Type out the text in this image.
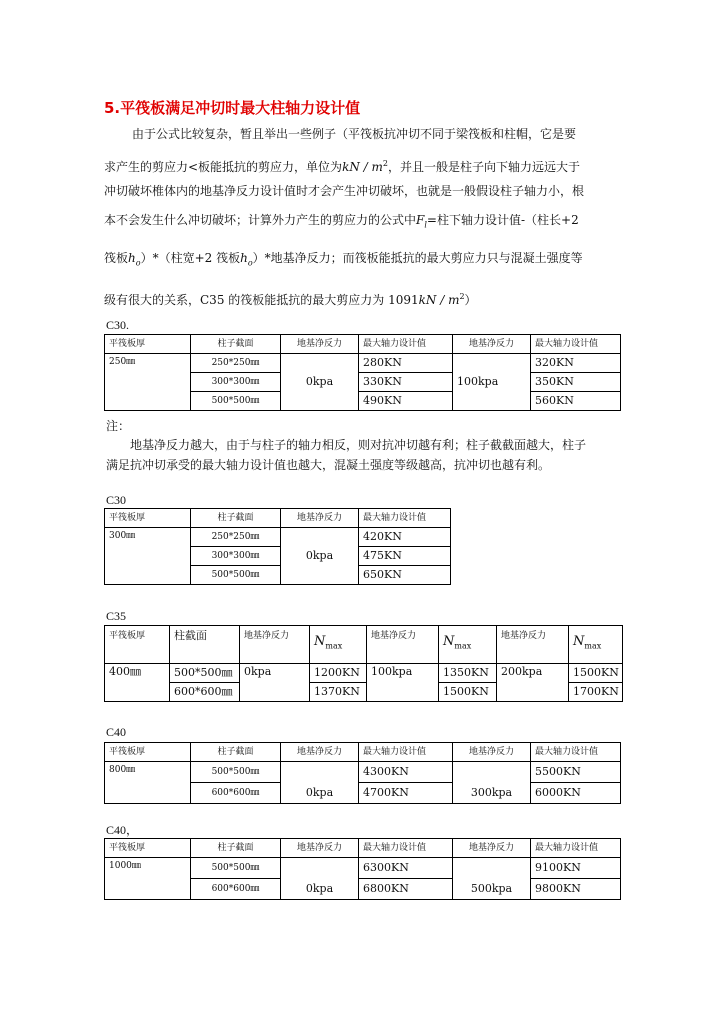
5.平筏板满足冲切时最大柱轴力设计值
由于公式比较复杂，暂且举出一些例子（平筏板抗冲切不同于梁筏板和柱帽，它是要
求产生的剪应力<板能抵抗的剪应力，单位为kN / $m^2$，并且一般是柱子向下轴力远远大于
冲切破坏椎体内的地基净反力设计值时才会产生冲切破坏，也就是一般假设柱子轴力小，根
本不会发生什么冲切破坏；计算外力产生的剪应力的公式中$F_l=$柱下轴力设计值-（柱长+2
筏板$h_o)*$（柱宽+2 筏板$h_o)*$地基净反力；而筏板能抵抗的最大剪应力只与混凝土强度等
级有很大的关系，C35 的筏板能抵抗的最大剪应力为 $1091kN / m^2$）
C30.
平筏板厚	柱子截面	地基净反力	最大轴力设计值	地基净反力	最大轴力设计值
250㎜	250*250㎜	0kpa	280KN	100kpa	320KN
	300*300㎜		330KN		350KN
	500*500㎜		490KN		560KN
注：
地基净反力越大，由于与柱子的轴力相反，则对抗冲切越有利；柱子截截面越大，柱子
满足抗冲切承受的最大轴力设计值也越大，混凝土强度等级越高，抗冲切也越有利。
C30
平筏板厚	柱子截面	地基净反力	最大轴力设计值
300㎜	250*250㎜	0kpa	420KN
	300*300㎜		475KN
	500*500㎜		650KN
C35
平筏板厚	柱截面	地基净反力	$N_{max}$	地基净反力	$N_{max}$	地基净反力	$N_{max}$
400㎜	500*500㎜	0kpa	1200KN	100kpa	1350KN	200kpa	1500KN
	600*600㎜		1370KN		1500KN		1700KN
C40
平筏板厚	柱子截面	地基净反力	最大轴力设计值	地基净反力	最大轴力设计值
800㎜	500*500㎜	0kpa	4300KN	300kpa	5500KN
	600*600㎜		4700KN		6000KN
C40，
平筏板厚	柱子截面	地基净反力	最大轴力设计值	地基净反力	最大轴力设计值
1000㎜	500*500㎜	0kpa	6300KN	500kpa	9100KN
	600*600㎜		6800KN		9800KN
